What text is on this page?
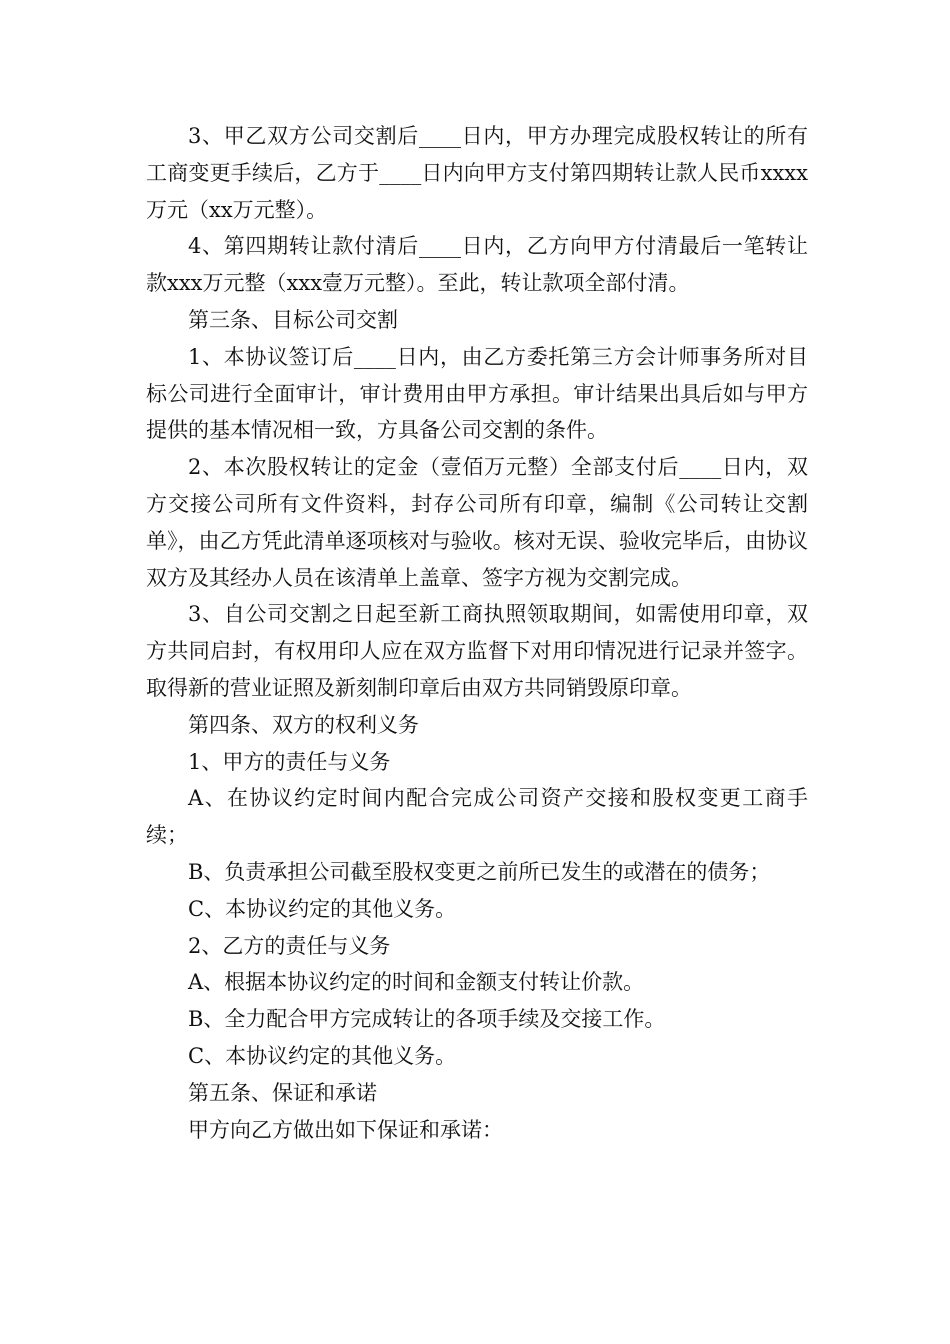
3、甲乙双方公司交割后____日内，甲方办理完成股权转让的所有工商变更手续后，乙方于____日内向甲方支付第四期转让款人民币xxxx万元（xx万元整）。

4、第四期转让款付清后____日内，乙方向甲方付清最后一笔转让款xxx万元整（xxx壹万元整）。至此，转让款项全部付清。

第三条、目标公司交割

1、本协议签订后____日内，由乙方委托第三方会计师事务所对目标公司进行全面审计，审计费用由甲方承担。审计结果出具后如与甲方提供的基本情况相一致，方具备公司交割的条件。

2、本次股权转让的定金（壹佰万元整）全部支付后____日内，双方交接公司所有文件资料，封存公司所有印章，编制《公司转让交割单》，由乙方凭此清单逐项核对与验收。核对无误、验收完毕后，由协议双方及其经办人员在该清单上盖章、签字方视为交割完成。

3、自公司交割之日起至新工商执照领取期间，如需使用印章，双方共同启封，有权用印人应在双方监督下对用印情况进行记录并签字。取得新的营业证照及新刻制印章后由双方共同销毁原印章。

第四条、双方的权利义务

1、甲方的责任与义务

A、在协议约定时间内配合完成公司资产交接和股权变更工商手续；

B、负责承担公司截至股权变更之前所已发生的或潜在的债务；

C、本协议约定的其他义务。

2、乙方的责任与义务

A、根据本协议约定的时间和金额支付转让价款。

B、全力配合甲方完成转让的各项手续及交接工作。

C、本协议约定的其他义务。

第五条、保证和承诺

甲方向乙方做出如下保证和承诺：
